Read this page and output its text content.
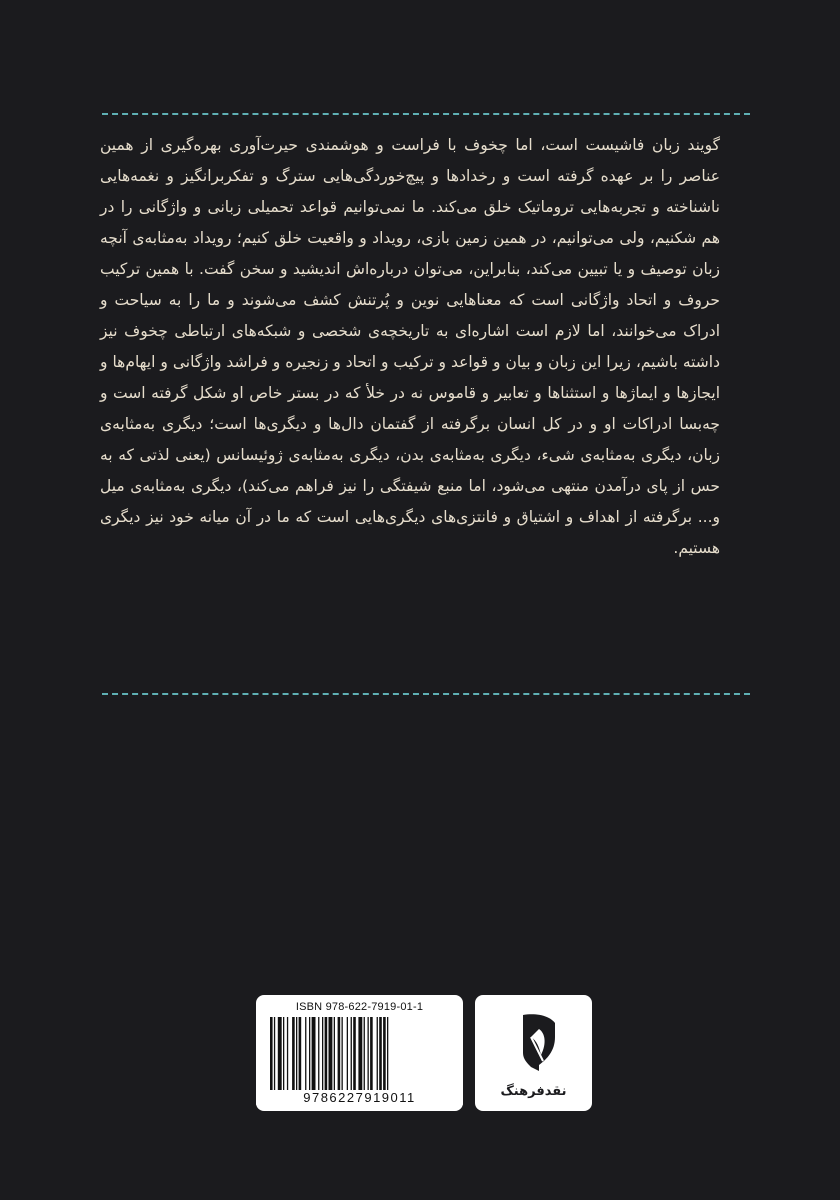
گویند زبان فاشیست است، اما چخوف با فراست و هوشمندی حیرت‌آوری بهره‌گیری از همین عناصر را بر عهده گرفته است و رخدادها و پیچ‌خوردگی‌هایی سترگ و تفکربرانگیز و نغمه‌هایی ناشناخته و تجربه‌هایی تروماتیک خلق می‌کند. ما نمی‌توانیم قواعد تحمیلی زبانی و واژگانی را در هم شکنیم، ولی می‌توانیم، در همین زمین بازی، رویداد و واقعیت خلق کنیم؛ رویداد به‌مثابه‌ی آنچه زبان توصیف و یا تبیین می‌کند، بنابراین، می‌توان درباره‌اش اندیشید و سخن گفت. با همین ترکیب حروف و اتحاد واژگانی است که معناهایی نوین و پُرتنش کشف می‌شوند و ما را به سیاحت و ادراک می‌خوانند، اما لازم است اشاره‌ای به تاریخچه‌ی شخصی و شبکه‌های ارتباطی چخوف نیز داشته باشیم، زیرا این زبان و بیان و قواعد و ترکیب و اتحاد و زنجیره و فراشد واژگانی و ایهام‌ها و ایجازها و ایماژها و استثناها و تعابیر و قاموس نه در خلأ که در بستر خاص او شکل گرفته است و چه‌بسا ادراکات او و در کل انسان برگرفته از گفتمان دال‌ها و دیگری‌ها است؛ دیگری به‌مثابه‌ی زبان، دیگری به‌مثابه‌ی شیء، دیگری به‌مثابه‌ی بدن، دیگری به‌مثابه‌ی ژوئیسانس (یعنی لذتی که به حس از پای درآمدن منتهی می‌شود، اما منبع شیفتگی را نیز فراهم می‌کند)، دیگری به‌مثابه‌ی میل و... برگرفته از اهداف و اشتیاق و فانتزی‌های دیگری‌هایی است که ما در آن میانه خود نیز دیگری هستیم.

ISBN 978-622-7919-01-1
9786227919011	نقدفرهنگ
